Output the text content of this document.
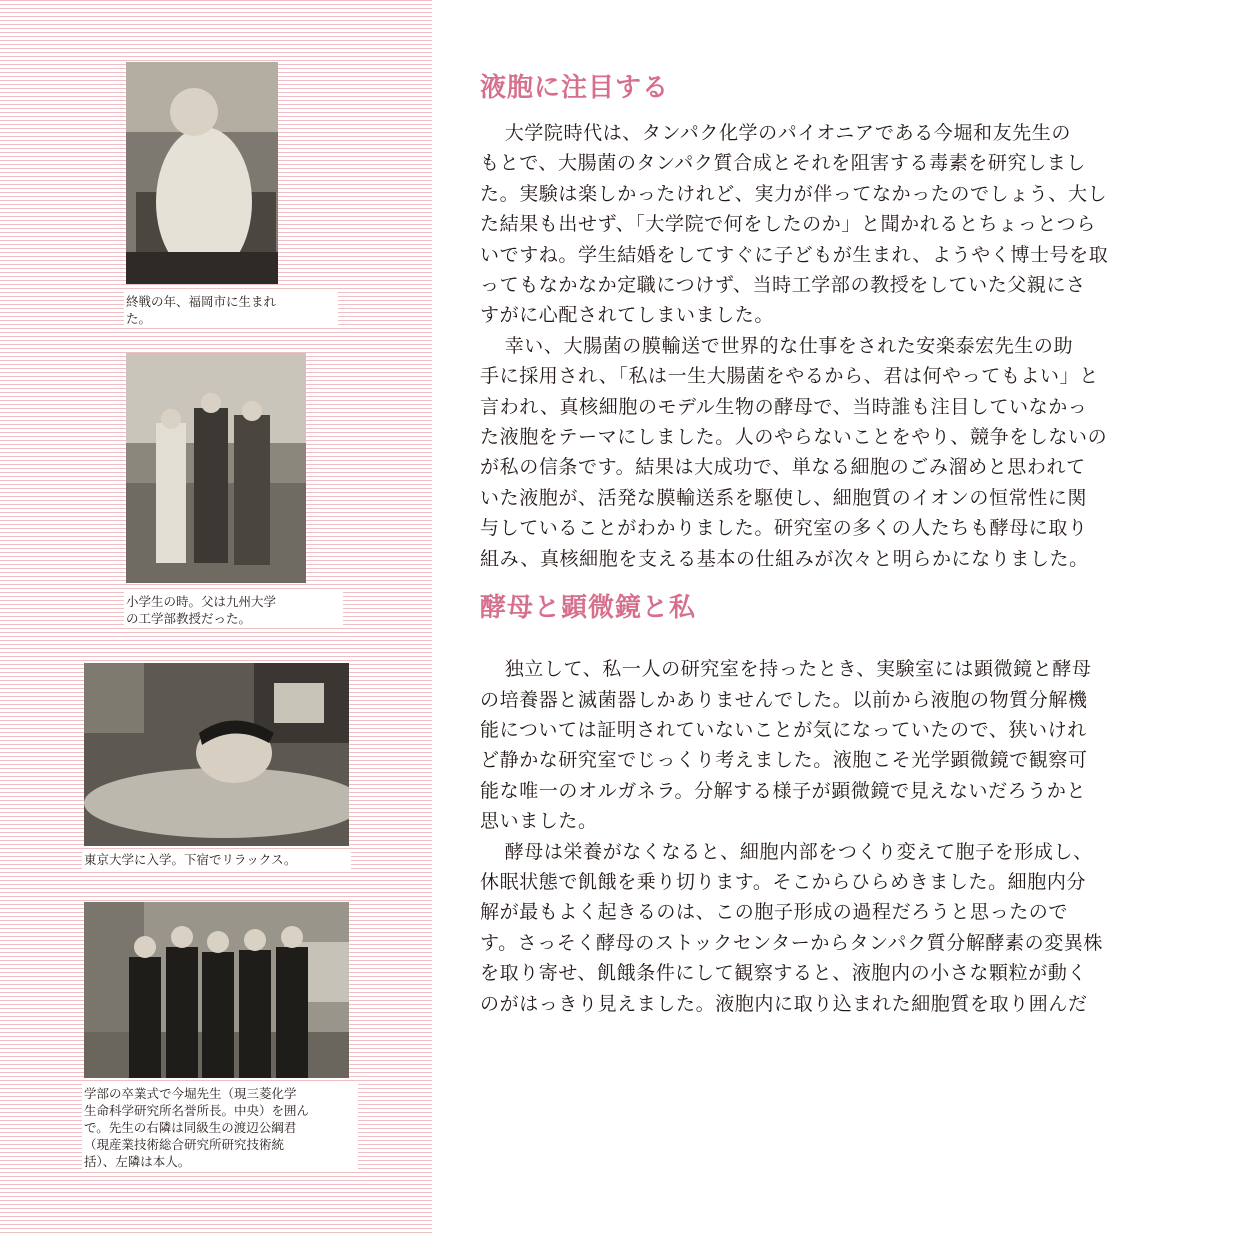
終戦の年、福岡市に生まれ
た。
小学生の時。父は九州大学
の工学部教授だった。
東京大学に入学。下宿でリラックス。
学部の卒業式で今堀先生（現三菱化学
生命科学研究所名誉所長。中央）を囲ん
で。先生の右隣は同級生の渡辺公綱君
（現産業技術総合研究所研究技術統
括）、左隣は本人。
液胞に注目する

大学院時代は、タンパク化学のパイオニアである今堀和友先生の
もとで、大腸菌のタンパク質合成とそれを阻害する毒素を研究しまし
た。実験は楽しかったけれど、実力が伴ってなかったのでしょう、大し
た結果も出せず、「大学院で何をしたのか」と聞かれるとちょっとつら
いですね。学生結婚をしてすぐに子どもが生まれ、ようやく博士号を取
ってもなかなか定職につけず、当時工学部の教授をしていた父親にさ
すがに心配されてしまいました。

幸い、大腸菌の膜輸送で世界的な仕事をされた安楽泰宏先生の助
手に採用され、「私は一生大腸菌をやるから、君は何やってもよい」と
言われ、真核細胞のモデル生物の酵母で、当時誰も注目していなかっ
た液胞をテーマにしました。人のやらないことをやり、競争をしないの
が私の信条です。結果は大成功で、単なる細胞のごみ溜めと思われて
いた液胞が、活発な膜輸送系を駆使し、細胞質のイオンの恒常性に関
与していることがわかりました。研究室の多くの人たちも酵母に取り
組み、真核細胞を支える基本の仕組みが次々と明らかになりました。

酵母と顕微鏡と私

独立して、私一人の研究室を持ったとき、実験室には顕微鏡と酵母
の培養器と滅菌器しかありませんでした。以前から液胞の物質分解機
能については証明されていないことが気になっていたので、狭いけれ
ど静かな研究室でじっくり考えました。液胞こそ光学顕微鏡で観察可
能な唯一のオルガネラ。分解する様子が顕微鏡で見えないだろうかと
思いました。

酵母は栄養がなくなると、細胞内部をつくり変えて胞子を形成し、
休眠状態で飢餓を乗り切ります。そこからひらめきました。細胞内分
解が最もよく起きるのは、この胞子形成の過程だろうと思ったので
す。さっそく酵母のストックセンターからタンパク質分解酵素の変異株
を取り寄せ、飢餓条件にして観察すると、液胞内の小さな顆粒が動く
のがはっきり見えました。液胞内に取り込まれた細胞質を取り囲んだ
